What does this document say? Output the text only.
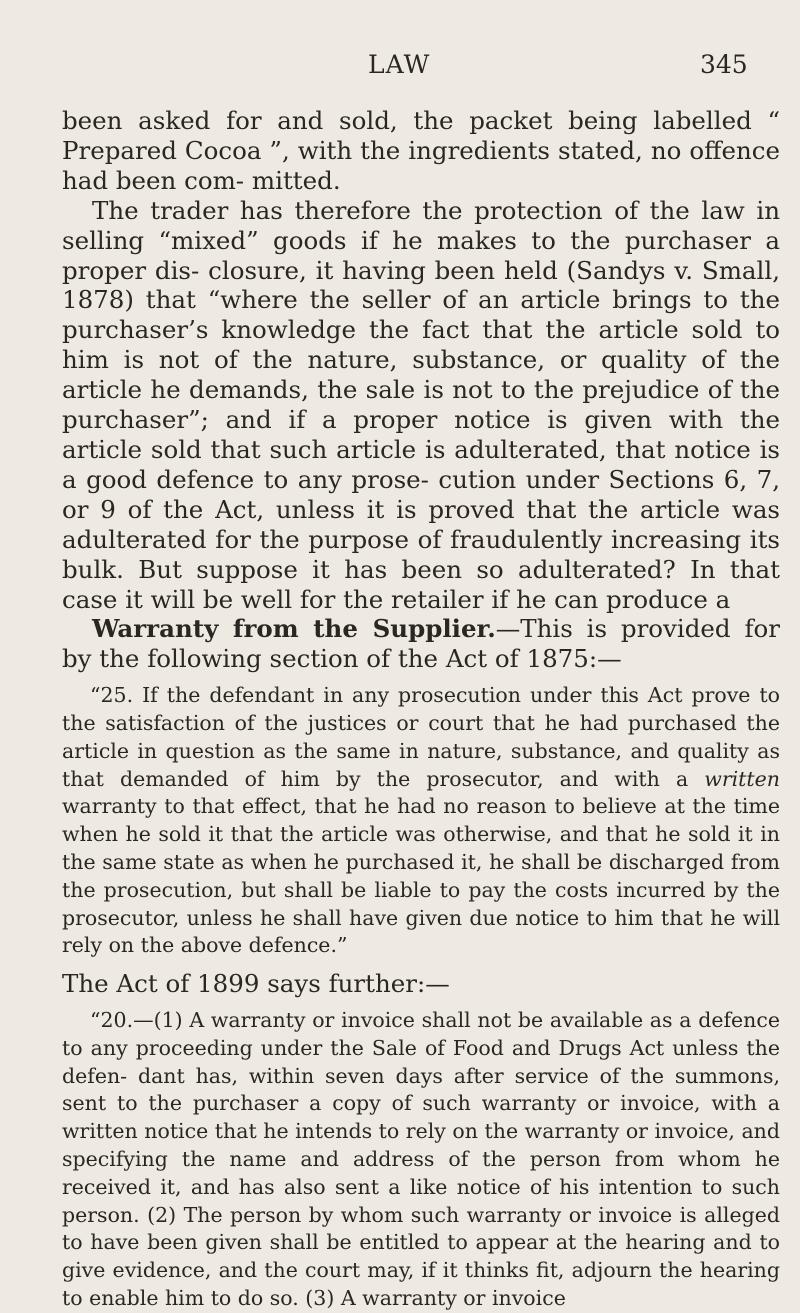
LAW	345

been asked for and sold, the packet being labelled “ Prepared Cocoa ”, with the ingredients stated, no offence had been com- mitted.

The trader has therefore the protection of the law in selling “mixed” goods if he makes to the purchaser a proper dis- closure, it having been held (Sandys v. Small, 1878) that “where the seller of an article brings to the purchaser’s knowledge the fact that the article sold to him is not of the nature, substance, or quality of the article he demands, the sale is not to the prejudice of the purchaser”; and if a proper notice is given with the article sold that such article is adulterated, that notice is a good defence to any prose- cution under Sections 6, 7, or 9 of the Act, unless it is proved that the article was adulterated for the purpose of fraudulently increasing its bulk. But suppose it has been so adulterated? In that case it will be well for the retailer if he can produce a

Warranty from the Supplier.—This is provided for by the following section of the Act of 1875:—

“25. If the defendant in any prosecution under this Act prove to the satisfaction of the justices or court that he had purchased the article in question as the same in nature, substance, and quality as that demanded of him by the prosecutor, and with a written warranty to that effect, that he had no reason to believe at the time when he sold it that the article was otherwise, and that he sold it in the same state as when he purchased it, he shall be discharged from the prosecution, but shall be liable to pay the costs incurred by the prosecutor, unless he shall have given due notice to him that he will rely on the above defence.”

The Act of 1899 says further:—

“20.—(1) A warranty or invoice shall not be available as a defence to any proceeding under the Sale of Food and Drugs Act unless the defen- dant has, within seven days after service of the summons, sent to the purchaser a copy of such warranty or invoice, with a written notice that he intends to rely on the warranty or invoice, and specifying the name and address of the person from whom he received it, and has also sent a like notice of his intention to such person. (2) The person by whom such warranty or invoice is alleged to have been given shall be entitled to appear at the hearing and to give evidence, and the court may, if it thinks fit, adjourn the hearing to enable him to do so. (3) A warranty or invoice
